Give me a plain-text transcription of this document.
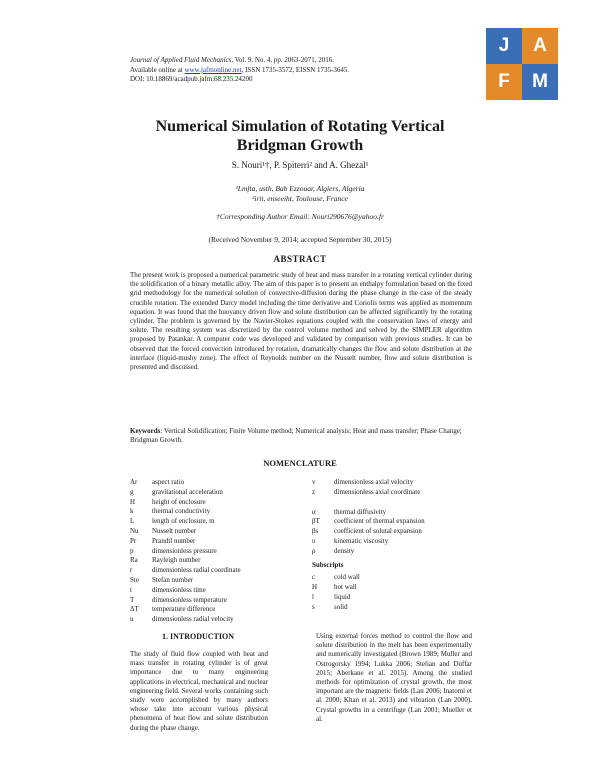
Journal of Applied Fluid Mechanics, Vol. 9, No. 4, pp. 2063-2071, 2016.
Available online at www.jafmonline.net, ISSN 1735-3572, EISSN 1735-3645.
DOI: 10.18869/acadpub.jafm.68.235.24200
J	A
F	M
Numerical Simulation of Rotating Vertical Bridgman Growth
S. Nouri¹†, P. Spiterri² and A. Ghezal¹
¹Lmfta, usth, Bab Ezzouar, Algiers, Algeria
²irit, enseeiht, Toulouse, France
†Corresponding Author Email: Nouri290676@yahoo.fr
(Received November 9, 2014; accepted September 30, 2015)
ABSTRACT
The present work is proposed a numerical parametric study of heat and mass transfer in a rotating vertical cylinder during the solidification of a binary metallic alloy. The aim of this paper is to present an enthalpy formulation based on the fixed grid methodology for the numerical solution of convective-diffusion during the phase change in the case of the steady crucible rotation. The extended Darcy model including the time derivative and Coriolis terms was applied as momentum equation. It was found that the buoyancy driven flow and solute distribution can be affected significantly by the rotating cylinder. The problem is governed by the Navier-Stokes equations coupled with the conservation laws of energy and solute. The resulting system was discretized by the control volume method and solved by the SIMPLER algorithm proposed by Patankar. A computer code was developed and validated by comparison with previous studies. It can be observed that the forced convection introduced by rotation, dramatically changes the flow and solute distribution at the interface (liquid-mushy zone). The effect of Reynolds number on the Nusselt number, flow and solute distribution is presented and discussed.
Keywords: Vertical Solidification; Finite Volume method; Numerical analysis; Heat and mass transfer; Phase Change; Bridgman Growth.
NOMENCLATURE
Ar	aspect ratio
g	gravitational acceleration
H	height of enclosure
k	thermal conductivity
L	length of enclosure, m
Nu	Nusselt number
Pr	Prandtl number
p	dimensionless pressure
Ra	Rayleigh number
r	dimensionless radial coordinate
Ste	Stefan number
t	dimensionless time
T	dimensionless temperature
ΔT	temperature difference
u	dimensionless radial velocity
v	dimensionless axial velocity
z	dimensionless axial coordinate
α	thermal diffusivity
βT	coefficient of thermal expansion
βs	coefficient of solutal expansion
υ	kinematic viscosity
ρ	density
Subscripts
c	cold wall
H	hot wall
l	liquid
s	solid
1. INTRODUCTION
The study of fluid flow coupled with heat and mass transfer in rotating cylinder is of great importance due to many engineering applications in electrical, mechanical and nuclear engineering field. Several works containing such study were accomplished by many authors whose take into account various physical phenomena of heat flow and solute distribution during the phase change.
Using external forces method to control the flow and solute distribution in the melt has been experimentally and numerically investigated (Brown 1989; Muller and Ostrogorsky 1994; Lukka 2006; Stelian and Duffar 2015; Aberkane et al. 2015). Among the studied methods for optimization of crystal growth, the most important are the magnetic fields (Lan 2006; Inatomi et al. 2000; Khan et al. 2013) and vibration (Lan 2000). Crystal growths in a centrifuge (Lan 2001; Mueller et al.
